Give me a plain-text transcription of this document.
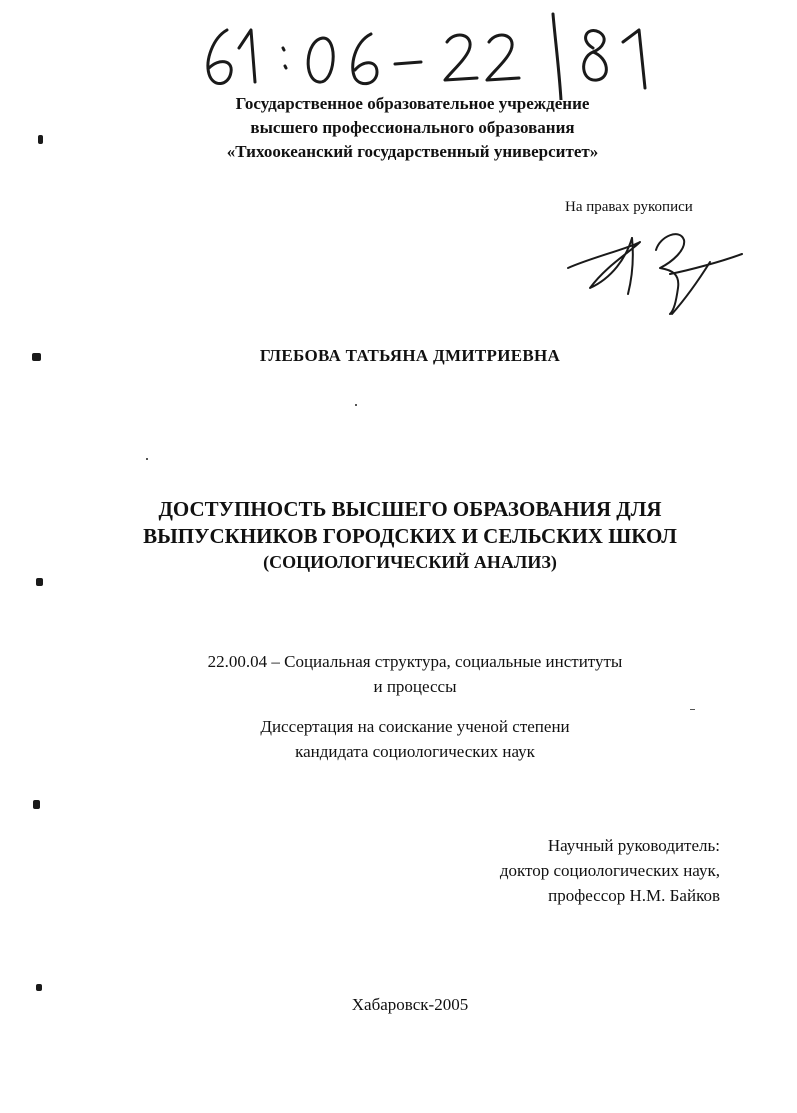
61 : 06 - 22 / 81
Государственное образовательное учреждение
высшего профессионального образования
«Тихоокеанский государственный университет»
На правах рукописи
ГЛЕБОВА ТАТЬЯНА ДМИТРИЕВНА
ДОСТУПНОСТЬ ВЫСШЕГО ОБРАЗОВАНИЯ ДЛЯ
ВЫПУСКНИКОВ ГОРОДСКИХ И СЕЛЬСКИХ ШКОЛ
(СОЦИОЛОГИЧЕСКИЙ АНАЛИЗ)
22.00.04 – Социальная структура, социальные институты
и процессы
Диссертация на соискание ученой степени
кандидата социологических наук
Научный руководитель:
доктор социологических наук,
профессор Н.М. Байков
Хабаровск-2005
